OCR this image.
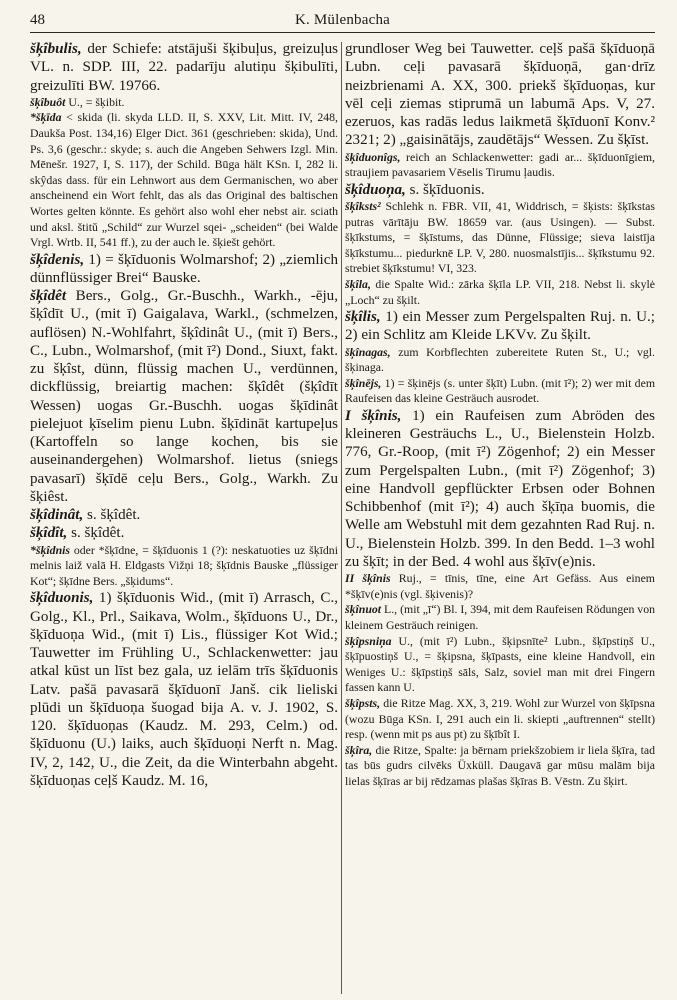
48	K. Mülenbacha

šķîbulis, der Schiefe: atstājuši šķibuļus, greizuļus VL. n. SDP. III, 22. padarīju alutiņu šķibulīti, greizulīti BW. 19766.

šķîbuôt U., = šķibit.

*šķīda < skida (li. skyda LLD. II, S. XXV, Lit. Mitt. IV, 248, Daukša Post. 134,16) Elger Dict. 361 (geschrieben: skida), Und. Ps. 3,6 (geschr.: skyde; s. auch die Angeben Sehwers Izgl. Min. Mēnešr. 1927, I, S. 117), der Schild. Būga hält KSn. I, 282 li. skŷdas dass. für ein Lehnwort aus dem Germanischen, wo aber anscheinend ein Wort fehlt, das als das Original des baltischen Wortes gelten könnte. Es gehört also wohl eher nebst air. sciath und aksl. štitŭ „Schild“ zur Wurzel sqei- „scheiden“ (bei Walde Vrgl. Wrtb. II, 541 ff.), zu der auch le. šķiešt gehört.

šķîdenis, 1) = šķīduonis Wolmarshof; 2) „ziemlich dünnflüssiger Brei“ Bauske.

šķîdêt Bers., Golg., Gr.-Buschh., Warkh., -ēju, šķîdīt U., (mit ī) Gaigalava, Warkl., (schmelzen, auflösen) N.-Wohlfahrt, šķîdinât U., (mit ī) Bers., C., Lubn., Wolmarshof, (mit ī²) Dond., Siuxt, fakt. zu šķîst, dünn, flüssig machen U., verdünnen, dickflüssig, breiartig machen: šķîdêt (šķîdīt Wessen) uogas Gr.-Buschh. uogas šķīdinât pielejuot ķīselim pienu Lubn. šķīdināt kartupeļus (Kartoffeln so lange kochen, bis sie auseinandergehen) Wolmarshof. lietus (sniegs pavasarī) šķīdē ceļu Bers., Golg., Warkh. Zu šķiêst.

šķîdinât, s. šķîdêt.

šķîdît, s. šķîdêt.

*šķîdnis oder *šķīdne, = šķīduonis 1 (?): neskatuoties uz šķīdni melnis laiž valā H. Eldgasts Vižņi 18; šķīdnis Bauske „flüssiger Kot“; šķīdne Bers. „šķidums“.

šķîduonis, 1) šķīduonis Wid., (mit ī) Arrasch, C., Golg., Kl., Prl., Saikava, Wolm., šķīduons U., Dr., šķīduoņa Wid., (mit ī) Lis., flüssiger Kot Wid.; Tauwetter im Frühling U., Schlackenwetter: jau atkal kūst un līst bez gala, uz ielām trīs šķīduonis Latv. pašā pavasarā šķīduonī Janš. cik lieliski plūdi un šķīduoņa šuogad bija A. v. J. 1902, S. 120. šķīduoņas (Kaudz. M. 293, Celm.) od. šķīduonu (U.) laiks, auch šķīduoņi Nerft n. Mag. IV, 2, 142, U., die Zeit, da die Winterbahn abgeht. šķīduoņas ceļš Kaudz. M. 16,

grundloser Weg bei Tauwetter. ceļš pašā šķīduoņā Lubn. ceļi pavasarā šķīduoņā, gan·drīz neizbrienami A. XX, 300. priekš šķīduoņas, kur vēl ceļi ziemas stiprumā un labumā Aps. V, 27. ezeruos, kas radās ledus laikmetā šķīduonī Konv.² 2321; 2) „gaisinātājs, zaudētājs“ Wessen. Zu šķīst.

šķîduonîgs, reich an Schlackenwetter: gadi ar... šķīduonīgiem, straujiem pavasariem Vēselis Tirumu ļaudis.

šķîduoņa, s. šķīduonis.

šķîksts² Schlehk n. FBR. VII, 41, Widdrisch, = šķists: šķīkstas putras vārītāju BW. 18659 var. (aus Usingen). — Subst. šķīkstums, = šķīstums, das Dünne, Flüssige; sieva laistīja šķīkstumu... piedurknē LP. V, 280. nuosmalstījis... šķīkstumu 92. strebiet šķīkstumu! VI, 323.

šķîla, die Spalte Wid.: zārka šķīla LP. VII, 218. Nebst li. skylė „Loch“ zu šķilt.

šķîlis, 1) ein Messer zum Pergelspalten Ruj. n. U.; 2) ein Schlitz am Kleide LKVv. Zu šķilt.

šķînagas, zum Korbflechten zubereitete Ruten St., U.; vgl. šķinaga.

šķînējs, 1) = šķinējs (s. unter šķīt) Lubn. (mit ī²); 2) wer mit dem Raufeisen das kleine Gesträuch ausrodet.

I šķînis, 1) ein Raufeisen zum Abröden des kleineren Gesträuchs L., U., Bielenstein Holzb. 776, Gr.-Roop, (mit ī²) Zögenhof; 2) ein Messer zum Pergelspalten Lubn., (mit ī²) Zögenhof; 3) eine Handvoll gepflückter Erbsen oder Bohnen Schibbenhof (mit ī²); 4) auch šķīņa buomis, die Welle am Webstuhl mit dem gezahnten Rad Ruj. n. U., Bielenstein Holzb. 399. In den Bedd. 1–3 wohl zu šķīt; in der Bed. 4 wohl aus šķīv(e)nis.

II šķînis Ruj., = tīnis, tīne, eine Art Gefäss. Aus einem *šķīv(e)nis (vgl. šķivenis)?

šķînuot L., (mit „ī“) Bl. I, 394, mit dem Raufeisen Rödungen von kleinem Gesträuch reinigen.

šķîpsniņa U., (mit ī²) Lubn., šķipsnīte² Lubn., šķīpstiņš U., šķīpuostiņš U., = šķipsna, šķīpasts, eine kleine Handvoll, ein Weniges U.: šķīpstiņš sāls, Salz, soviel man mit drei Fingern fassen kann U.

šķîpsts, die Ritze Mag. XX, 3, 219. Wohl zur Wurzel von šķīpsna (wozu Būga KSn. I, 291 auch ein li. skiepti „auftrennen“ stellt) resp. (wenn mit ps aus pt) zu šķībît I.

šķîra, die Ritze, Spalte: ja bērnam priekšzobiem ir liela šķīra, tad tas būs gudrs cilvēks Üxküll. Daugavā gar mūsu malām bija lielas šķīras ar bij rēdzamas plašas šķīras B. Vēstn. Zu šķirt.
